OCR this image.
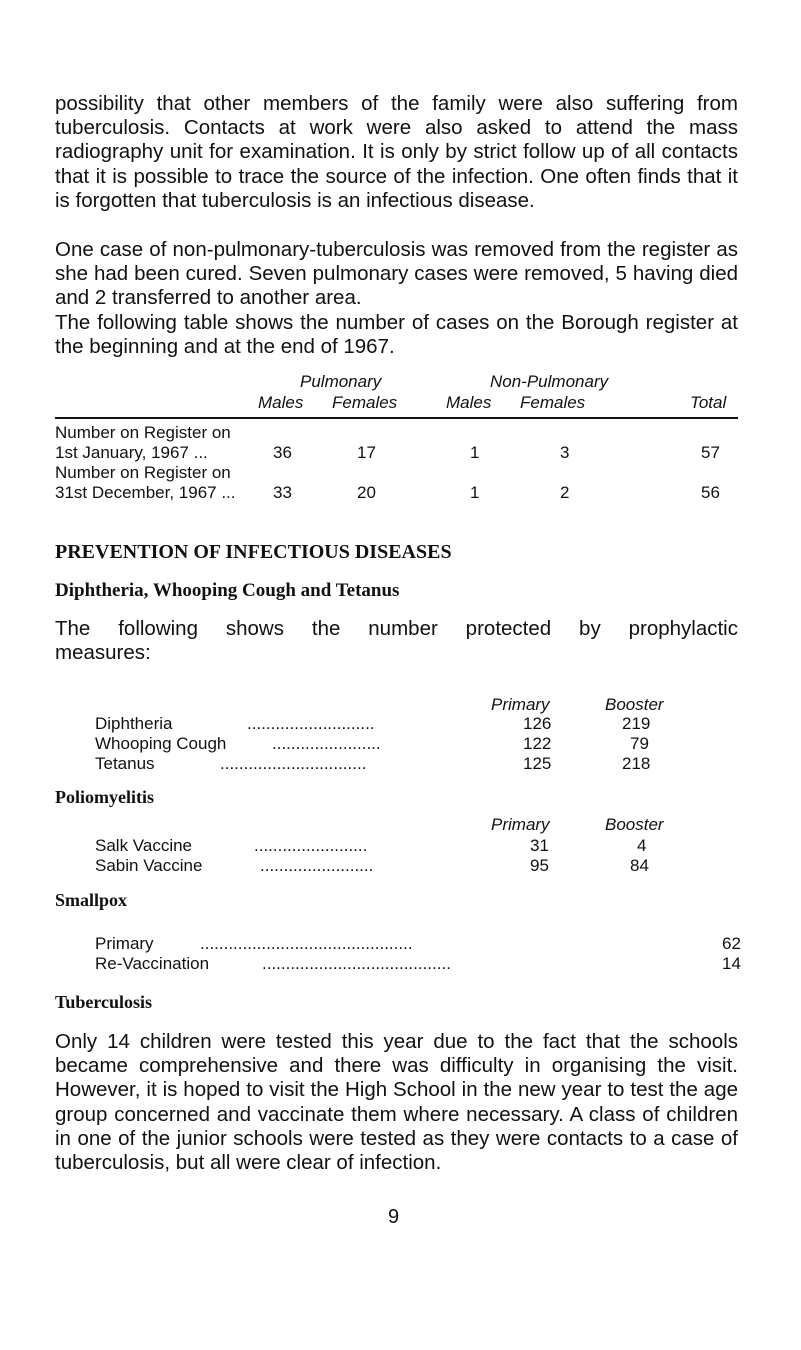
possibility that other members of the family were also suffering from tuberculosis. Contacts at work were also asked to attend the mass radiography unit for examination. It is only by strict follow up of all contacts that it is possible to trace the source of the infection. One often finds that it is forgotten that tuberculosis is an infectious disease.
One case of non-pulmonary-tuberculosis was removed from the register as she had been cured. Seven pulmonary cases were removed, 5 having died and 2 transferred to another area.
The following table shows the number of cases on the Borough register at the beginning and at the end of 1967.
Pulmonary	Non-Pulmonary
Males Females	Males Females	Total
Number on Register on
1st January, 1967 ...	36	17	1	3	57
Number on Register on
31st December, 1967 ... 33	20	1	2	56
PREVENTION OF INFECTIOUS DISEASES
Diphtheria, Whooping Cough and Tetanus
The following shows the number protected by prophylactic
measures:
Primary	Booster
Diphtheria	...........................	126	219
Whooping Cough	.......................	122	79
Tetanus	...............................	125	218
Poliomyelitis
Primary	Booster
Salk Vaccine	........................	31	4
Sabin Vaccine	........................	95	84
Smallpox
Primary	.............................................	62
Re-Vaccination	........................................	14
Tuberculosis
Only 14 children were tested this year due to the fact that the schools became comprehensive and there was difficulty in organising the visit. However, it is hoped to visit the High School in the new year to test the age group concerned and vaccinate them where necessary. A class of children in one of the junior schools were tested as they were contacts to a case of tuberculosis, but all were clear of infection.
9
